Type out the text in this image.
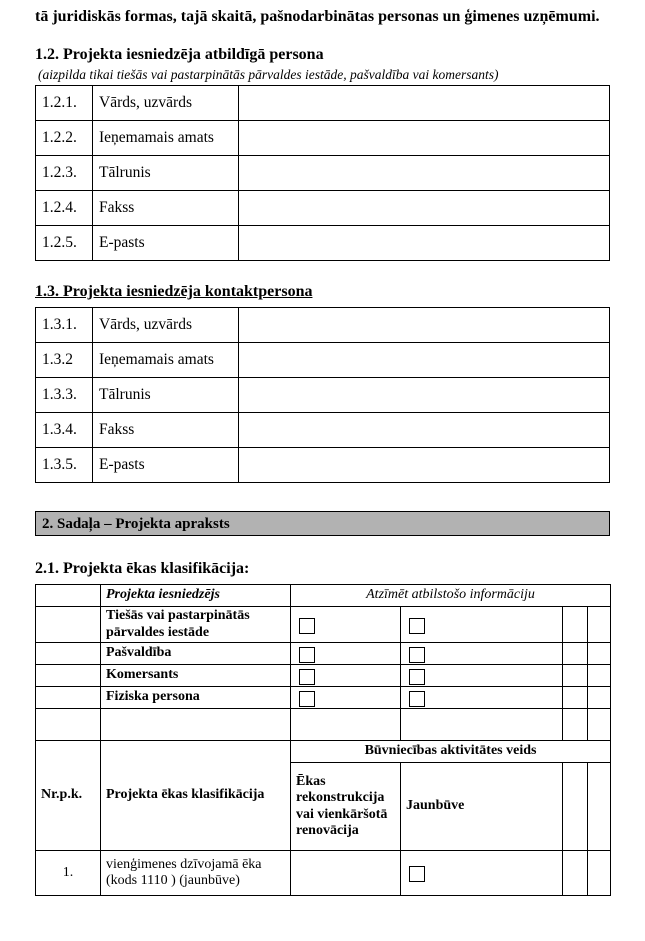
tā juridiskās formas, tajā skaitā, pašnodarbinātas personas un ģimenes uzņēmumi.

1.2. Projekta iesniedzēja atbildīgā persona
(aizpilda tikai tiešās vai pastarpinātās pārvaldes iestāde, pašvaldība vai komersants)
1.2.1.	Vārds, uzvārds	
1.2.2.	Ieņemamais amats	
1.2.3.	Tālrunis	
1.2.4.	Fakss	
1.2.5.	E-pasts	
1.3. Projekta iesniedzēja kontaktpersona
1.3.1.	Vārds, uzvārds	
1.3.2	Ieņemamais amats	
1.3.3.	Tālrunis	
1.3.4.	Fakss	
1.3.5.	E-pasts	
2. Sadaļa – Projekta apraksts
2.1. Projekta ēkas klasifikācija:
	Projekta iesniedzējs	Atzīmēt atbilstošo informāciju			
	Tiešās vai pastarpinātās pārvaldes iestāde				
	Pašvaldība				
	Komersants				
	Fiziska persona				

Nr.p.k.	Projekta ēkas klasifikācija	Būvniecības aktivitātes veids			
		Ēkas rekonstrukcija vai vienkāršotā renovācija	Jaunbūve		
1.	vienģimenes dzīvojamā ēka (kods 1110 ) (jaunbūve)				
